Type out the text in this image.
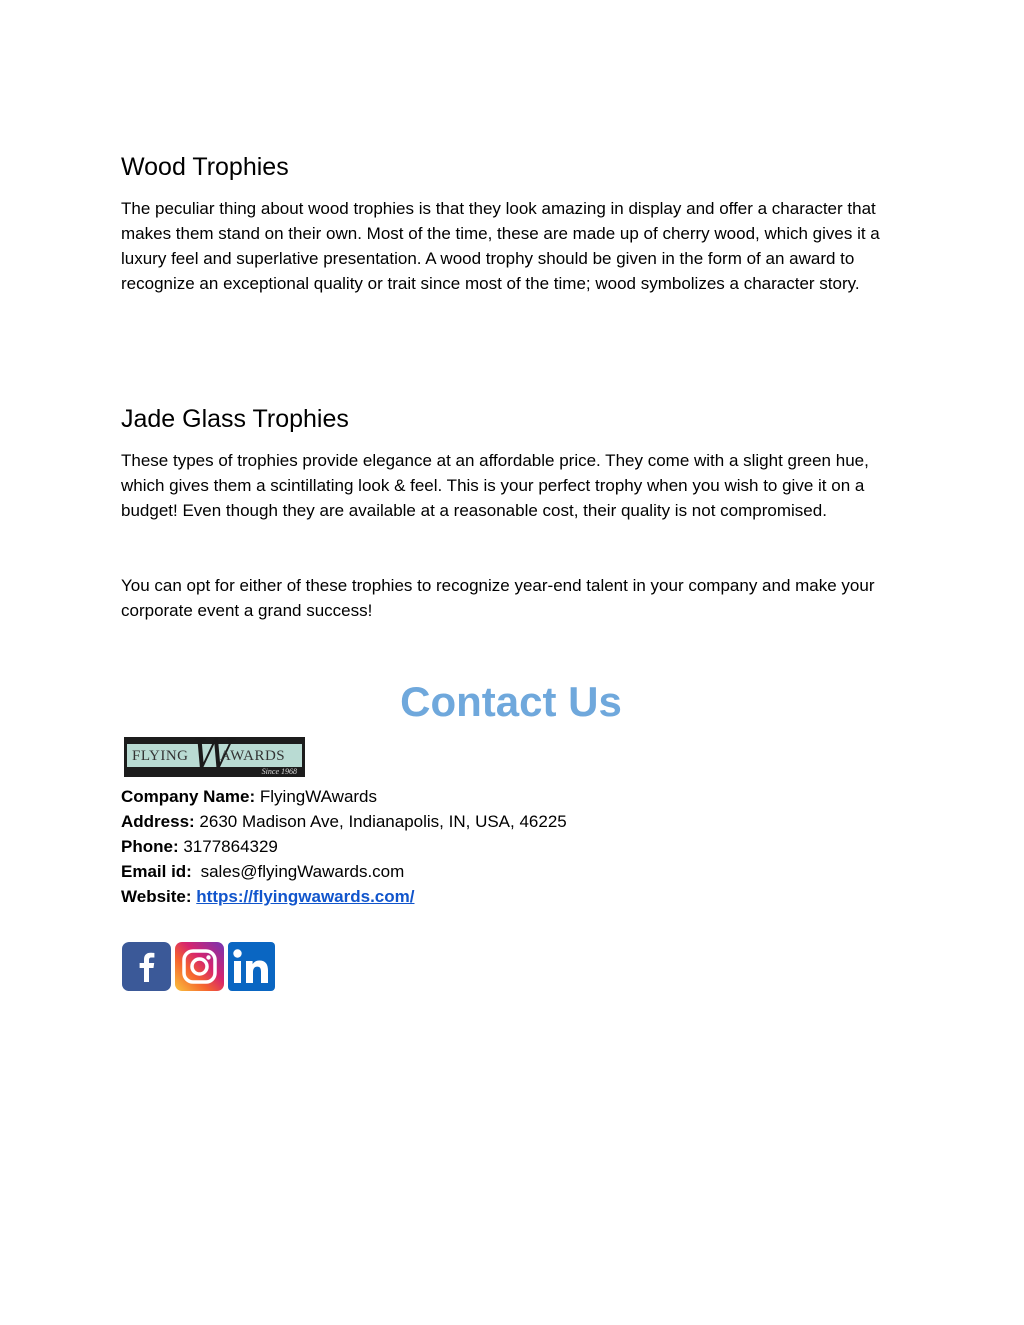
Wood Trophies

The peculiar thing about wood trophies is that they look amazing in display and offer a character that makes them stand on their own. Most of the time, these are made up of cherry wood, which gives it a luxury feel and superlative presentation. A wood trophy should be given in the form of an award to recognize an exceptional quality or trait since most of the time; wood symbolizes a character story.

Jade Glass Trophies

These types of trophies provide elegance at an affordable price. They come with a slight green hue, which gives them a scintillating look & feel. This is your perfect trophy when you wish to give it on a budget! Even though they are available at a reasonable cost, their quality is not compromised.

You can opt for either of these trophies to recognize year-end talent in your company and make your corporate event a grand success!

Contact Us
FLYING W
AWARDS
Since 1968
Company Name: FlyingWAwards
Address: 2630 Madison Ave, Indianapolis, IN, USA, 46225
Phone: 3177864329
Email id: sales@flyingWawards.com
Website: https://flyingwawards.com/
